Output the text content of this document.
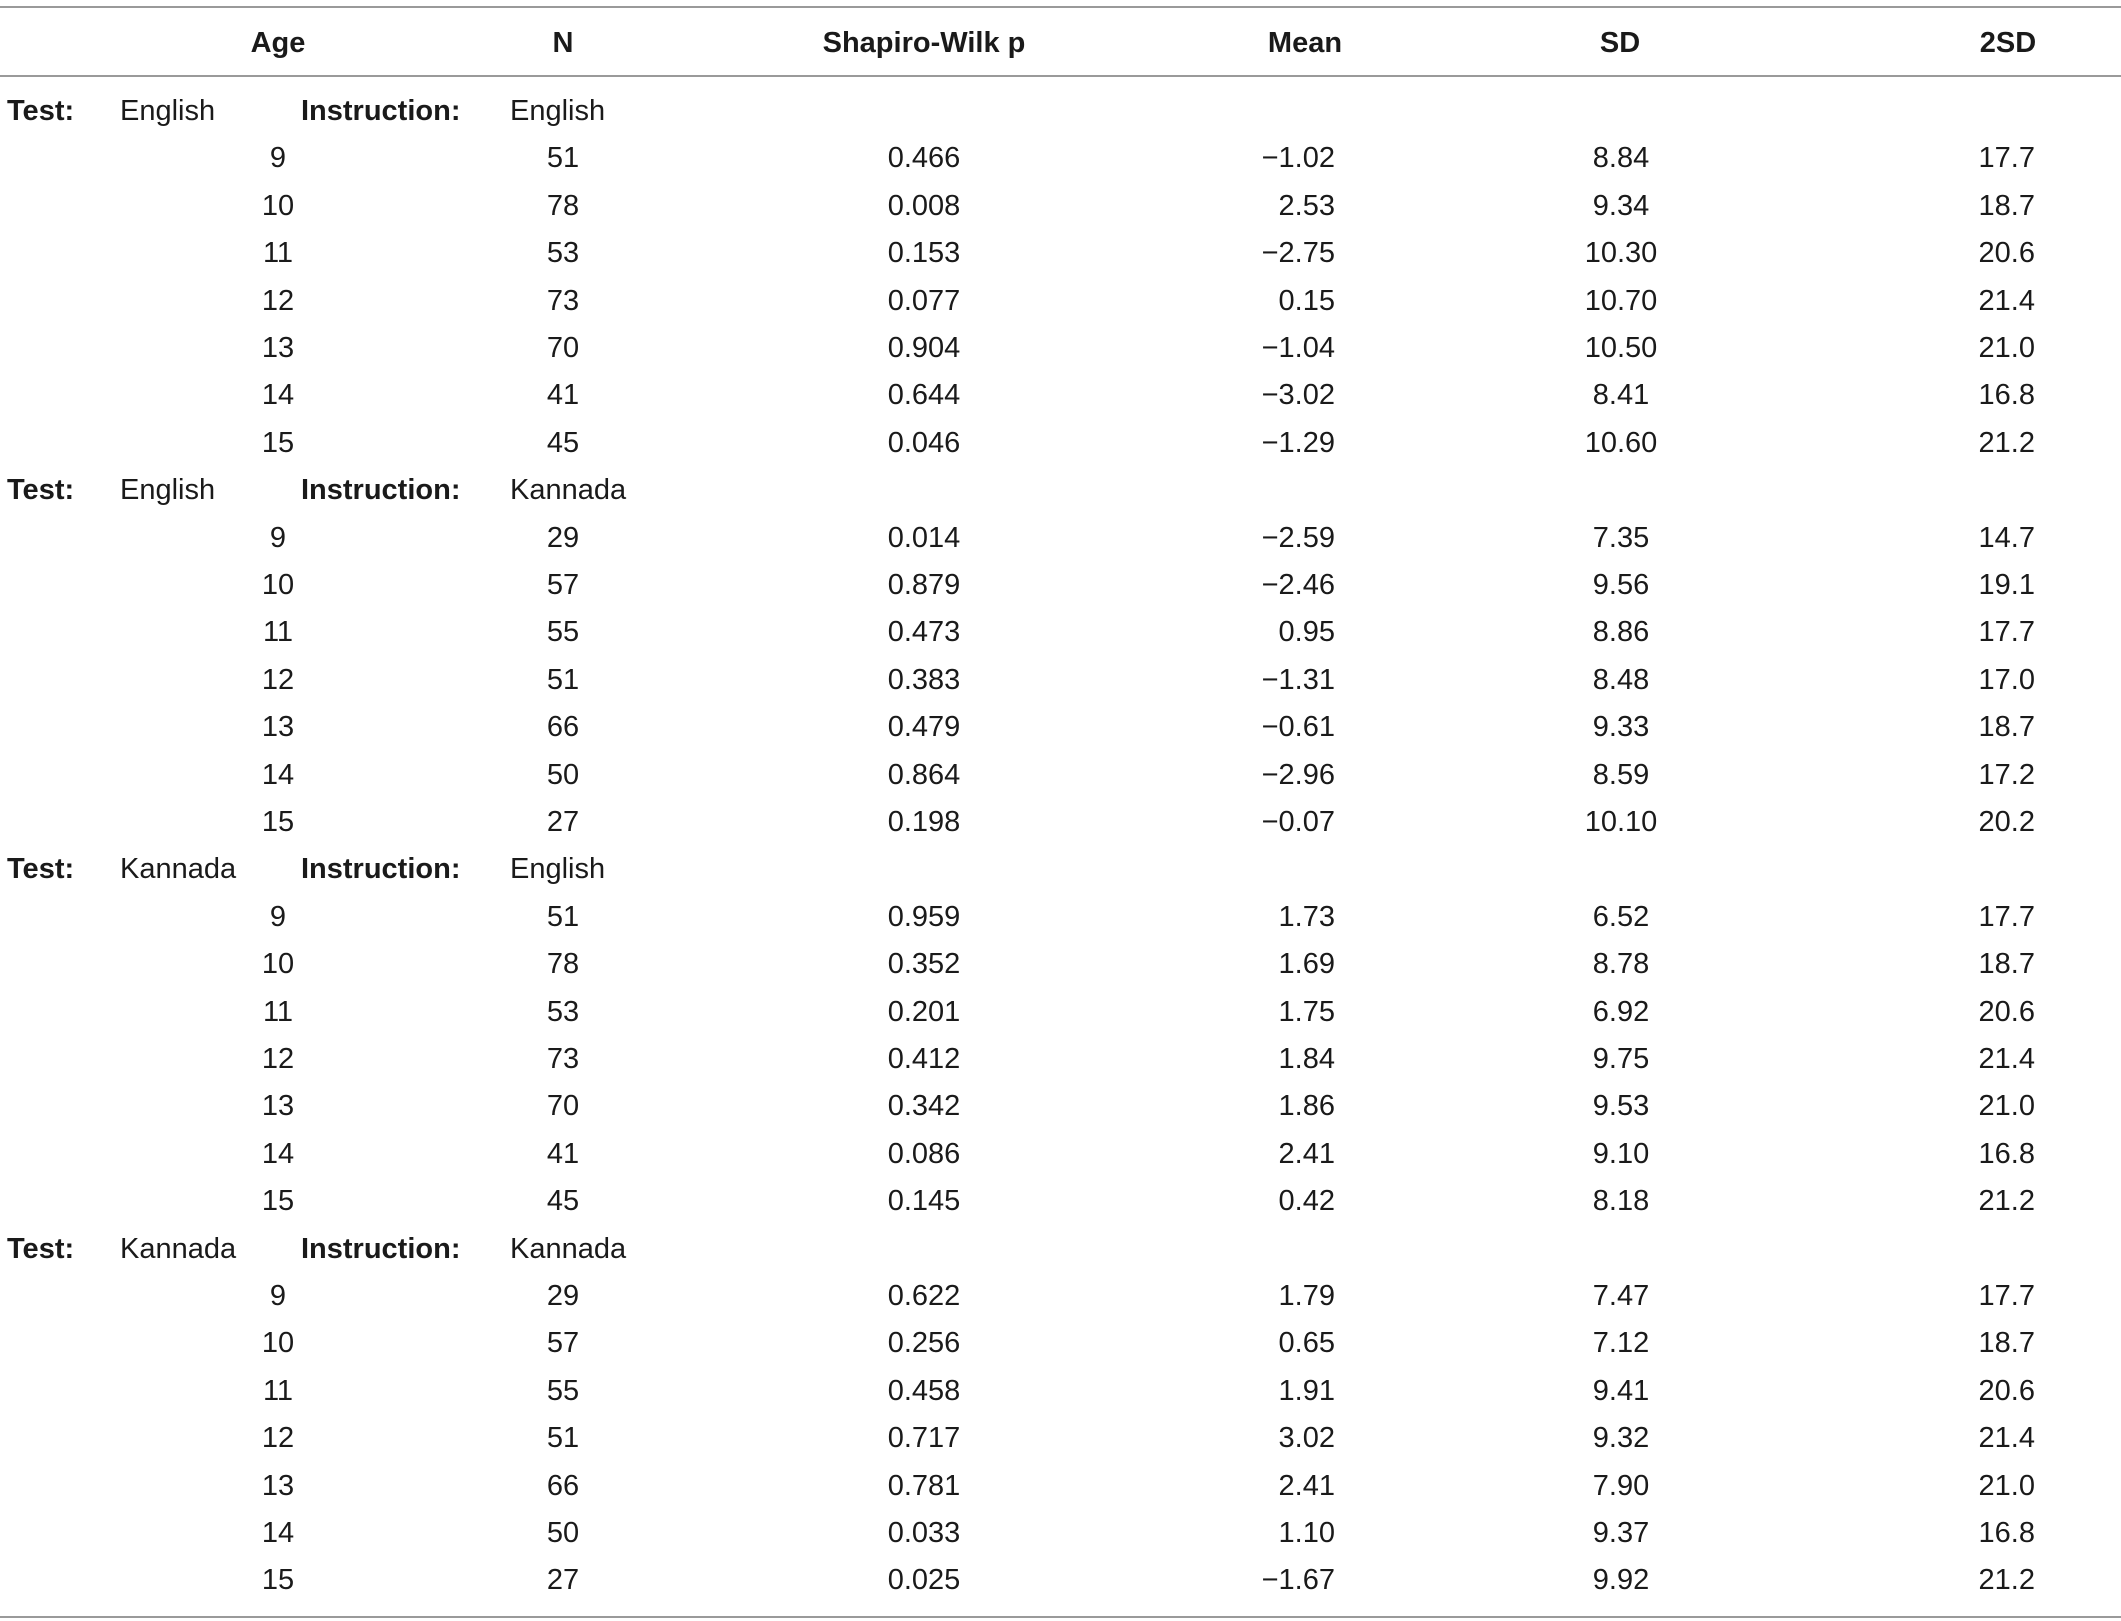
Age	N	Shapiro-Wilk p	Mean	SD	2SD
Test: English	Instruction: English
9	51	0.466	−1.02	8.84	17.7
10	78	0.008	2.53	9.34	18.7
11	53	0.153	−2.75	10.30	20.6
12	73	0.077	0.15	10.70	21.4
13	70	0.904	−1.04	10.50	21.0
14	41	0.644	−3.02	8.41	16.8
15	45	0.046	−1.29	10.60	21.2
Test: English	Instruction: Kannada
9	29	0.014	−2.59	7.35	14.7
10	57	0.879	−2.46	9.56	19.1
11	55	0.473	0.95	8.86	17.7
12	51	0.383	−1.31	8.48	17.0
13	66	0.479	−0.61	9.33	18.7
14	50	0.864	−2.96	8.59	17.2
15	27	0.198	−0.07	10.10	20.2
Test: Kannada Instruction: English
9	51	0.959	1.73	6.52	17.7
10	78	0.352	1.69	8.78	18.7
11	53	0.201	1.75	6.92	20.6
12	73	0.412	1.84	9.75	21.4
13	70	0.342	1.86	9.53	21.0
14	41	0.086	2.41	9.10	16.8
15	45	0.145	0.42	8.18	21.2
Test: Kannada Instruction: Kannada
9	29	0.622	1.79	7.47	17.7
10	57	0.256	0.65	7.12	18.7
11	55	0.458	1.91	9.41	20.6
12	51	0.717	3.02	9.32	21.4
13	66	0.781	2.41	7.90	21.0
14	50	0.033	1.10	9.37	16.8
15	27	0.025	−1.67	9.92	21.2
